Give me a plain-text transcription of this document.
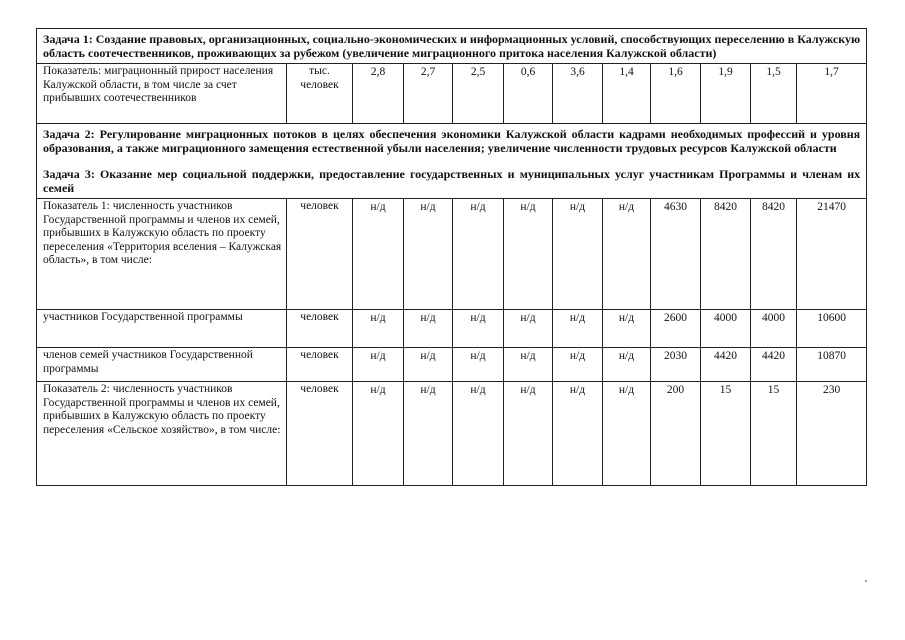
Задача 1: Создание правовых, организационных, социально-экономических и информационных условий, способствующих переселению в Калужскую область соотечественников, проживающих за рубежом (увеличение миграционного притока населения Калужской области)											

Показатель: миграционный прирост населения Калужской области, в том числе за счет прибывших соотечественников	тыс. человек	2,8	2,7	2,5	0,6	3,6	1,4	1,6	1,9	1,5	1,7

Задача 2: Регулирование миграционных потоков в целях обеспечения экономики Калужской области кадрами необходимых профессий и уровня образования, а также миграционного замещения естественной убыли населения; увеличение численности трудовых ресурсов Калужской области

Задача 3: Оказание мер социальной поддержки, предоставление государственных и муниципальных услуг участникам Программы и членам их семей											

Показатель 1: численность участников Государственной программы и членов их семей, прибывших в Калужскую область по проекту переселения «Территория вселения – Калужская область», в том числе:	человек	н/д	н/д	н/д	н/д	н/д	н/д	4630	8420	8420	21470
участников Государственной программы	человек	н/д	н/д	н/д	н/д	н/д	н/д	2600	4000	4000	10600
членов семей участников Государственной программы	человек	н/д	н/д	н/д	н/д	н/д	н/д	2030	4420	4420	10870
Показатель 2: численность участников Государственной программы и членов их семей, прибывших в Калужскую область по проекту переселения «Сельское хозяйство», в том числе:	человек	н/д	н/д	н/д	н/д	н/д	н/д	200	15	15	230
